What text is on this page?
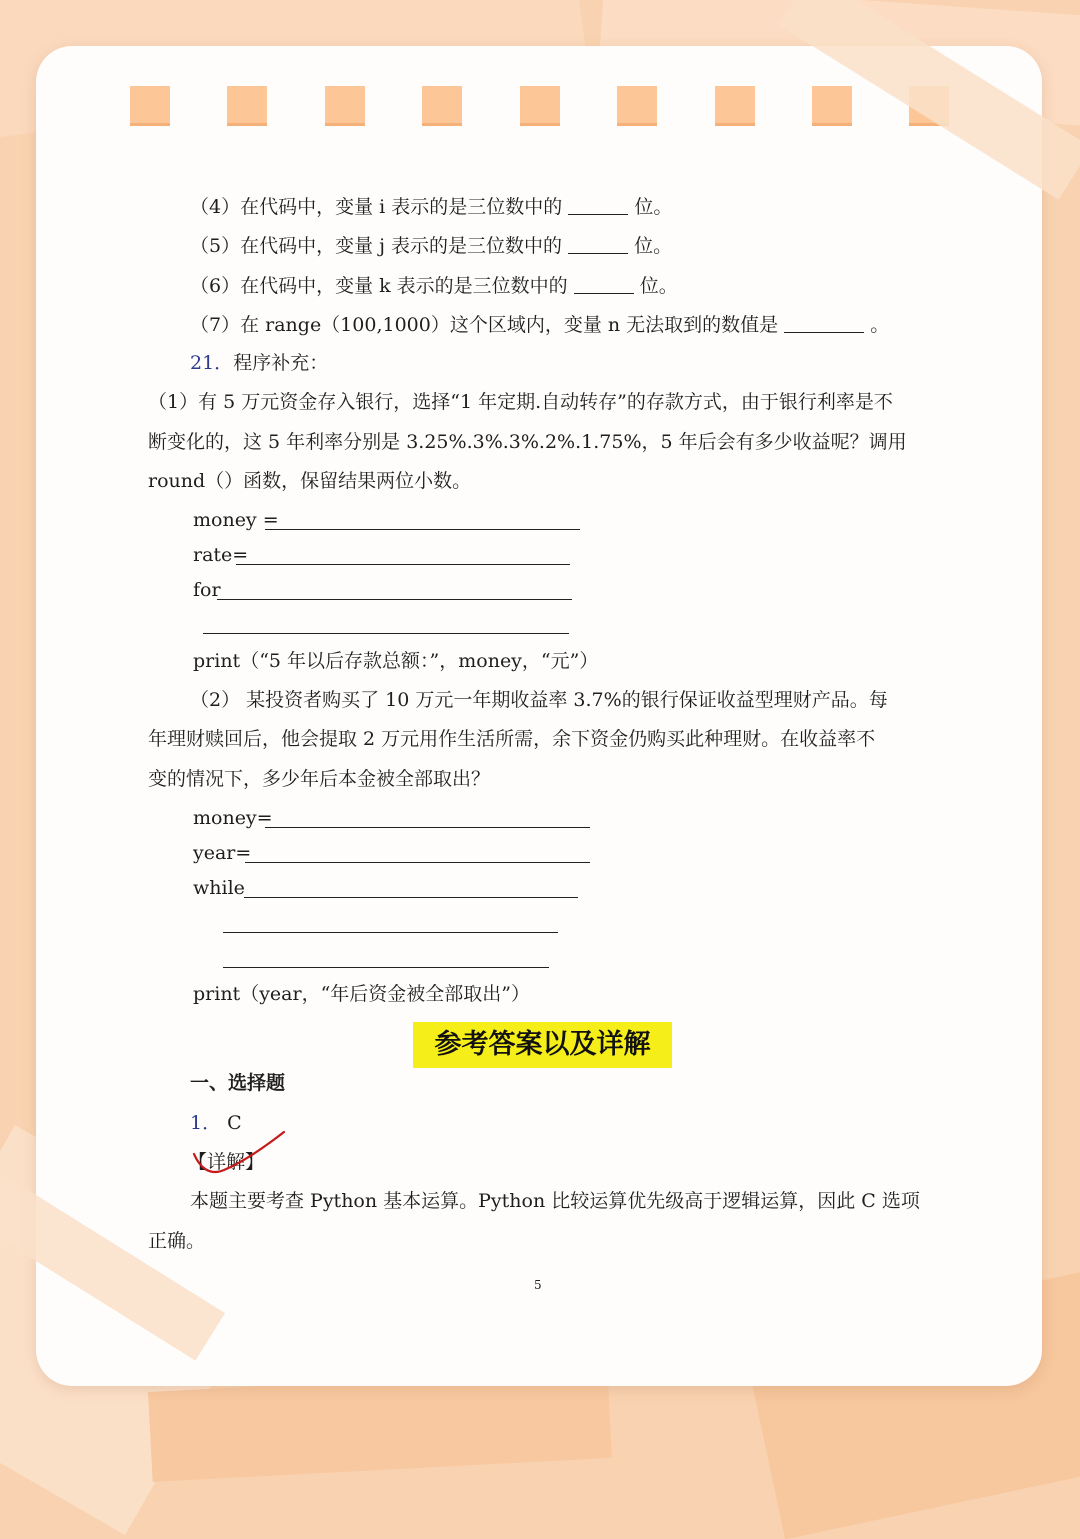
（4）在代码中，变量 i 表示的是三位数中的	位。
（5）在代码中，变量 j 表示的是三位数中的	位。
（6）在代码中，变量 k 表示的是三位数中的	位。
（7）在 range（100,1000）这个区域内，变量 n 无法取到的数值是	。
21．程序补充：
（1）有 5 万元资金存入银行，选择“1 年定期.自动转存”的存款方式，由于银行利率是不
断变化的，这 5 年利率分别是 3.25%.3%.3%.2%.1.75%，5 年后会有多少收益呢？调用
round（）函数，保留结果两位小数。
money =
rate=
for
print（“5 年以后存款总额：”，money，“元”）
（2） 某投资者购买了 10 万元一年期收益率 3.7%的银行保证收益型理财产品。每
年理财赎回后，他会提取 2 万元用作生活所需，余下资金仍购买此种理财。在收益率不
变的情况下，多少年后本金被全部取出？
money=
year=
while
print（year，“年后资金被全部取出”）
参考答案以及详解
一、选择题
1． C
【详解】
本题主要考查 Python 基本运算。Python 比较运算优先级高于逻辑运算，因此 C 选项
正确。
5
